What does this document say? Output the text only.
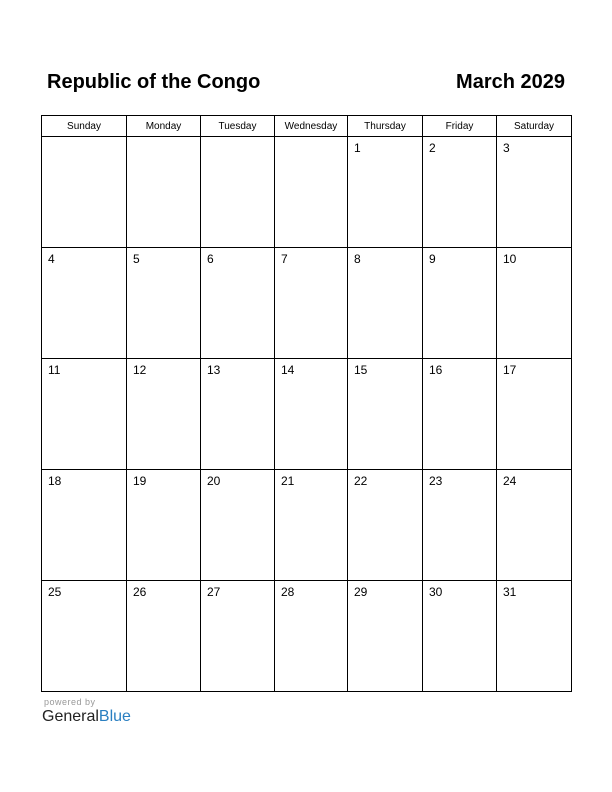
Republic of the Congo	March 2029
Sunday	Monday	Tuesday	Wednesday	Thursday	Friday	Saturday

				1	2	3

4	5	6	7	8	9	10

11	12	13	14	15	16	17

18	19	20	21	22	23	24

25	26	27	28	29	30	31
powered by
GeneralBlue
